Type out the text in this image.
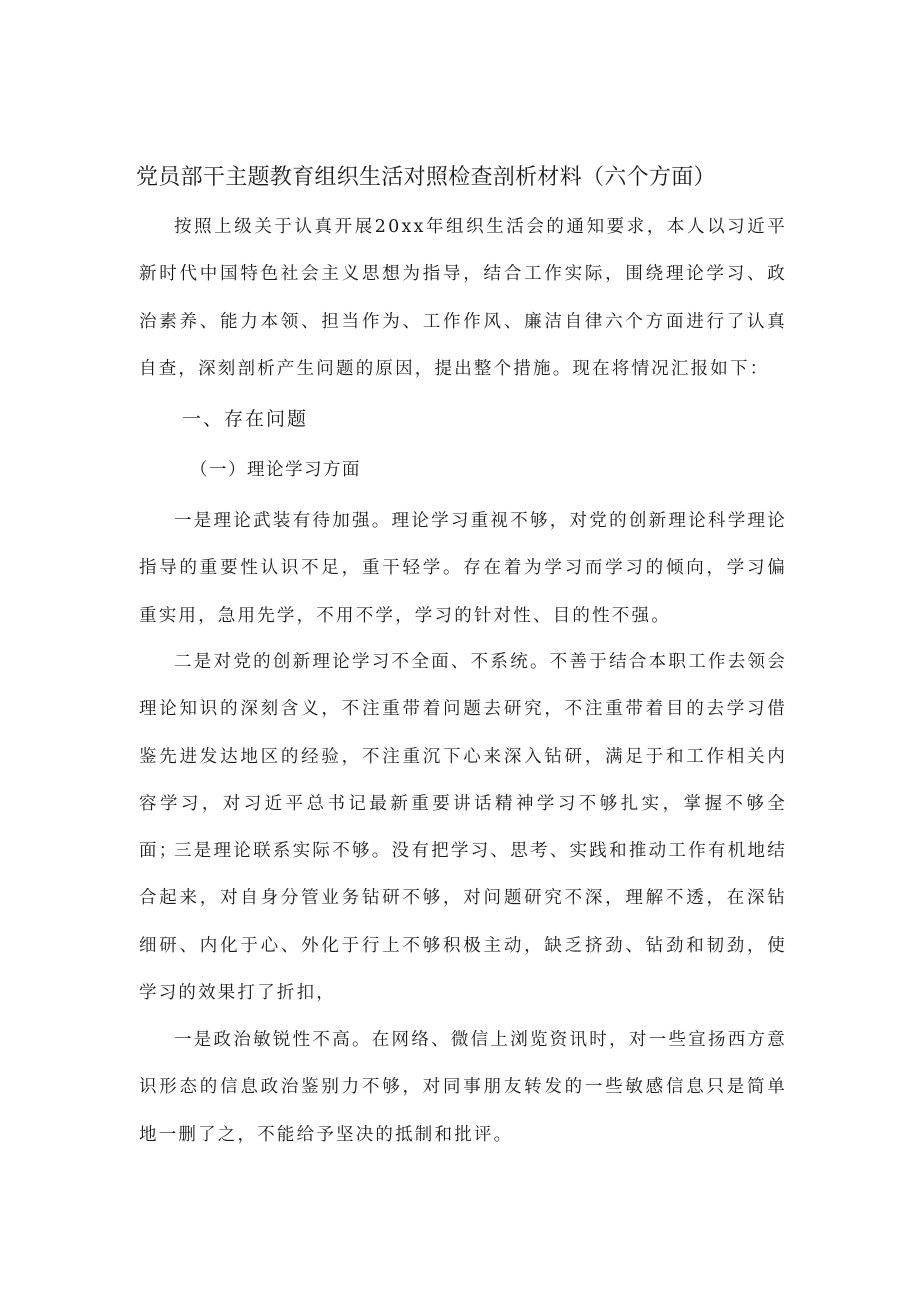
党员部干主题教育组织生活对照检查剖析材料（六个方面）

按照上级关于认真开展20xx年组织生活会的通知要求，本人以习近平新时代中国特色社会主义思想为指导，结合工作实际，围绕理论学习、政治素养、能力本领、担当作为、工作作风、廉洁自律六个方面进行了认真自查，深刻剖析产生问题的原因，提出整个措施。现在将情况汇报如下：

一、存在问题
（一）理论学习方面

一是理论武装有待加强。理论学习重视不够，对党的创新理论科学理论指导的重要性认识不足，重干轻学。存在着为学习而学习的倾向，学习偏重实用，急用先学，不用不学，学习的针对性、目的性不强。

二是对党的创新理论学习不全面、不系统。不善于结合本职工作去领会理论知识的深刻含义，不注重带着问题去研究，不注重带着目的去学习借鉴先进发达地区的经验，不注重沉下心来深入钻研，满足于和工作相关内容学习，对习近平总书记最新重要讲话精神学习不够扎实，掌握不够全面；

三是理论联系实际不够。没有把学习、思考、实践和推动工作有机地结合起来，对自身分管业务钻研不够，对问题研究不深，理解不透，在深钻细研、内化于心、外化于行上不够积极主动，缺乏挤劲、钻劲和韧劲，使学习的效果打了折扣，

一是政治敏锐性不高。在网络、微信上浏览资讯时，对一些宣扬西方意识形态的信息政治鉴别力不够，对同事朋友转发的一些敏感信息只是简单地一删了之，不能给予坚决的抵制和批评。
